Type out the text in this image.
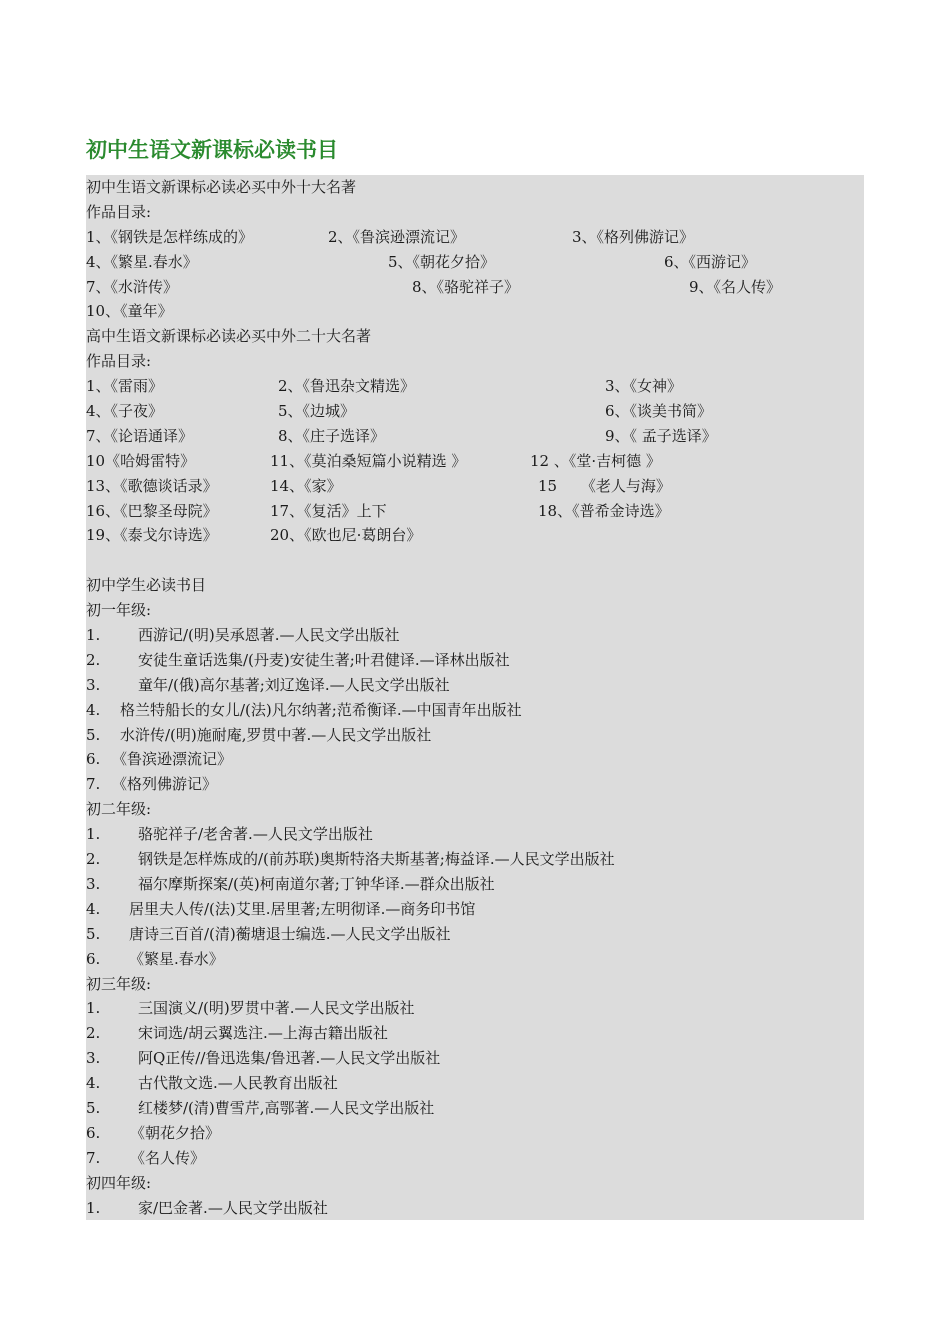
初中生语文新课标必读书目
初中生语文新课标必读必买中外十大名著
作品目录:
1、《钢铁是怎样练成的》	2、《鲁滨逊漂流记》	3、《格列佛游记》
4、《繁星.春水》	5、《朝花夕拾》	6、《西游记》
7、《水浒传》	8、《骆驼祥子》	9、《名人传》
10、《童年》
高中生语文新课标必读必买中外二十大名著
作品目录:
1、《雷雨》	2、《鲁迅杂文精选》	3、《女神》
4、《子夜》	5、《边城》	6、《谈美书简》
7、《论语通译》	8、《庄子选译》	9、《 孟子选译》
10《哈姆雷特》	11、《莫泊桑短篇小说精选 》	12 、《堂·吉柯德 》
13、《歌德谈话录》	14、《家》	15     《老人与海》
16、《巴黎圣母院》	17、《复活》上下	18、《普希金诗选》
19、《泰戈尔诗选》	20、《欧也尼·葛朗台》
初中学生必读书目
初一年级:
1.	西游记/(明)吴承恩著.—人民文学出版社
2.	安徒生童话选集/(丹麦)安徒生著;叶君健译.—译林出版社
3.	童年/(俄)高尔基著;刘辽逸译.—人民文学出版社
4. 格兰特船长的女儿/(法)凡尔纳著;范希衡译.—中国青年出版社
5. 水浒传/(明)施耐庵,罗贯中著.—人民文学出版社
6. 《鲁滨逊漂流记》
7. 《格列佛游记》
初二年级:
1.	骆驼祥子/老舍著.—人民文学出版社
2.	钢铁是怎样炼成的/(前苏联)奥斯特洛夫斯基著;梅益译.—人民文学出版社
3.	福尔摩斯探案/(英)柯南道尔著;丁钟华译.—群众出版社
4. 居里夫人传/(法)艾里.居里著;左明彻译.—商务印书馆
5. 唐诗三百首/(清)蘅塘退士编选.—人民文学出版社
6. 《繁星.春水》
初三年级:
1.	三国演义/(明)罗贯中著.—人民文学出版社
2.	宋词选/胡云翼选注.—上海古籍出版社
3.	阿Q正传//鲁迅选集/鲁迅著.—人民文学出版社
4.	古代散文选.—人民教育出版社
5.	红楼梦/(清)曹雪芹,高鄂著.—人民文学出版社
6. 《朝花夕拾》
7. 《名人传》
初四年级:
1.	家/巴金著.—人民文学出版社
